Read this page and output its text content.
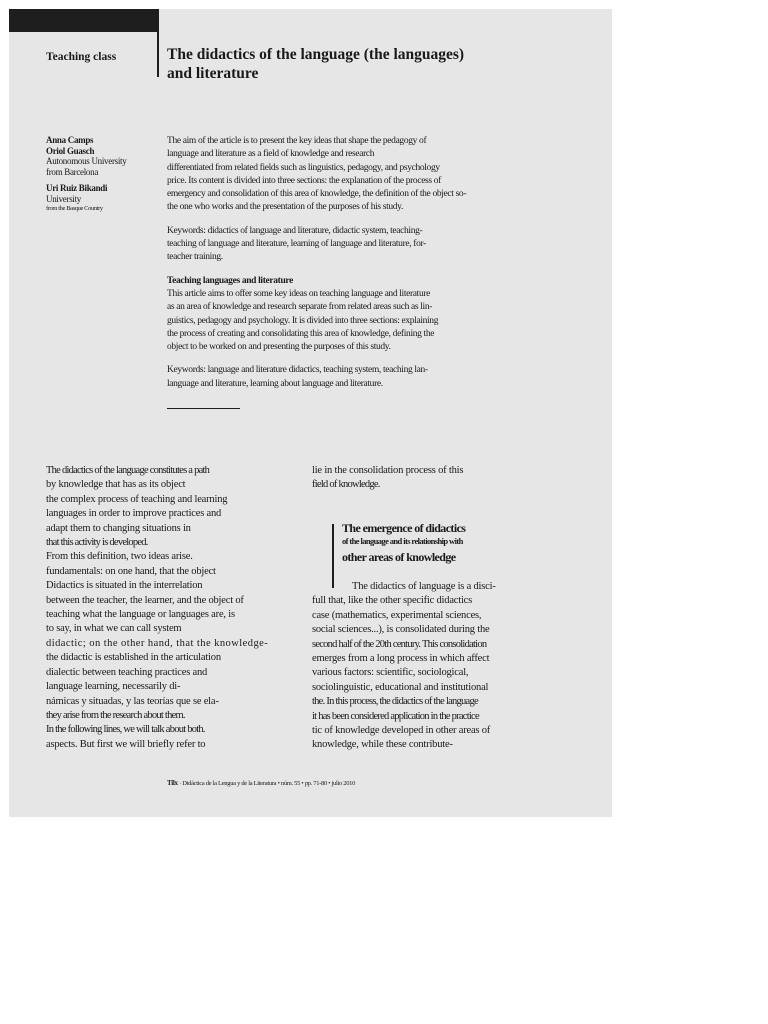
Teaching class	The didactics of the language (the languages)
and literature
Anna Camps
Oriol Guasch
Autonomous University
from Barcelona
Uri Ruiz Bikandi
University
from the Basque Country
The aim of the article is to present the key ideas that shape the pedagogy of
language and literature as a field of knowledge and research
differentiated from related fields such as linguistics, pedagogy, and psychology
price. Its content is divided into three sections: the explanation of the process of
emergency and consolidation of this area of knowledge, the definition of the object so-
the one who works and the presentation of the purposes of his study.
Keywords: didactics of language and literature, didactic system, teaching-
teaching of language and literature, learning of language and literature, for-
teacher training.
Teaching languages and literature
This article aims to offer some key ideas on teaching language and literature
as an area of knowledge and research separate from related areas such as lin-
guistics, pedagogy and psychology. It is divided into three sections: explaining
the process of creating and consolidating this area of knowledge, defining the
object to be worked on and presenting the purposes of this study.
Keywords: language and literature didactics, teaching system, teaching lan-
language and literature, learning about language and literature.
The didactics of the language constitutes a path
by knowledge that has as its object
the complex process of teaching and learning
languages in order to improve practices and
adapt them to changing situations in
that this activity is developed.
From this definition, two ideas arise.
fundamentals: on one hand, that the object
Didactics is situated in the interrelation
between the teacher, the learner, and the object of
teaching what the language or languages are, is
to say, in what we can call system
didactic; on the other hand, that the knowledge-
the didactic is established in the articulation
dialectic between teaching practices and
language learning, necessarily di-
námicas y situadas, y las teorías que se ela-
they arise from the research about them.
In the following lines, we will talk about both.
aspects. But first we will briefly refer to
lie in the consolidation process of this
field of knowledge.
The emergence of didactics
of the language and its relationship with
other areas of knowledge
The didactics of language is a disci-
full that, like the other specific didactics
case (mathematics, experimental sciences,
social sciences...), is consolidated during the
second half of the 20th century. This consolidation
emerges from a long process in which affect
various factors: scientific, sociological,
sociolinguistic, educational and institutional
the. In this process, the didactics of the language
it has been considered application in the practice
tic of knowledge developed in other areas of
knowledge, while these contribute-
Tilx · Didáctica de la Lengua y de la Literatura • núm. 55 • pp. 71-80 • julio 2010
